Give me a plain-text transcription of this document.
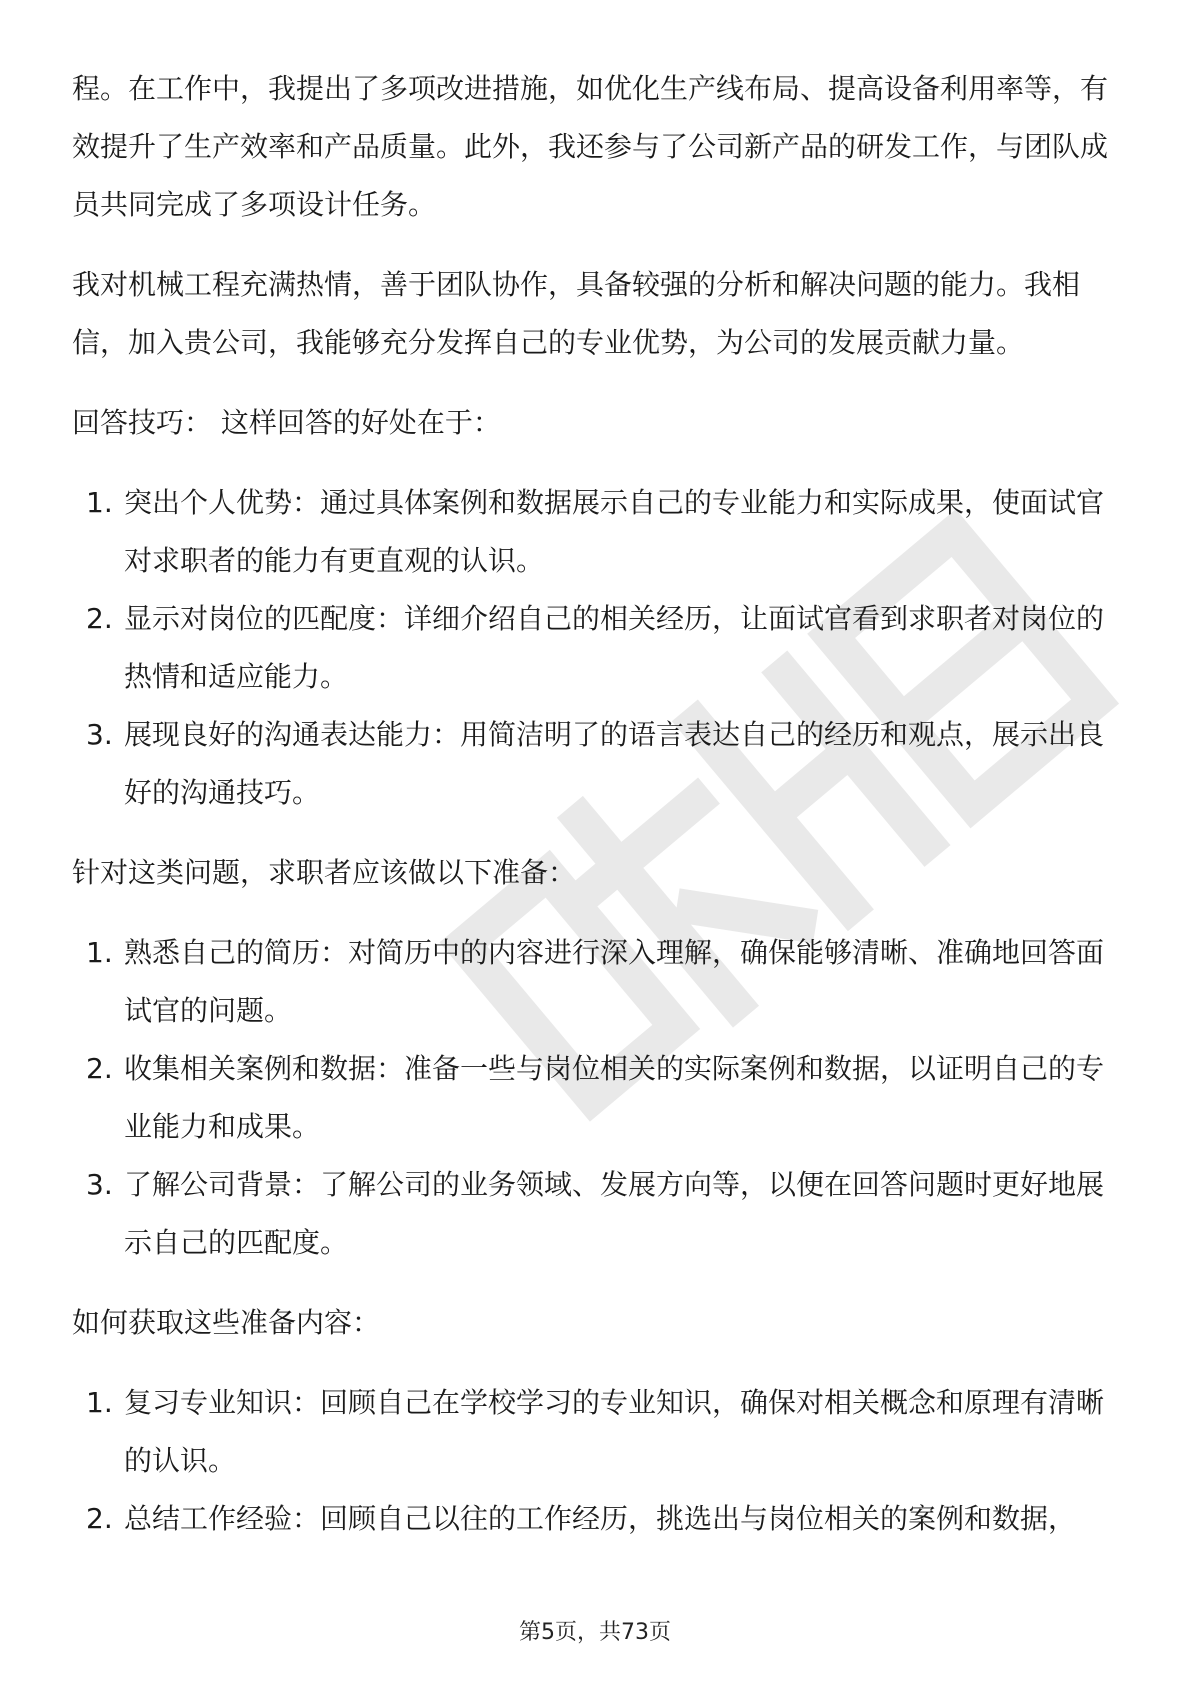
程。在工作中，我提出了多项改进措施，如优化生产线布局、提高设备利用率等，有效提升了生产效率和产品质量。此外，我还参与了公司新产品的研发工作，与团队成员共同完成了多项设计任务。

我对机械工程充满热情，善于团队协作，具备较强的分析和解决问题的能力。我相信，加入贵公司，我能够充分发挥自己的专业优势，为公司的发展贡献力量。

回答技巧： 这样回答的好处在于：

1. 突出个人优势：通过具体案例和数据展示自己的专业能力和实际成果，使面试官对求职者的能力有更直观的认识。
2. 显示对岗位的匹配度：详细介绍自己的相关经历，让面试官看到求职者对岗位的热情和适应能力。
3. 展现良好的沟通表达能力：用简洁明了的语言表达自己的经历和观点，展示出良好的沟通技巧。

针对这类问题，求职者应该做以下准备：

1. 熟悉自己的简历：对简历中的内容进行深入理解，确保能够清晰、准确地回答面试官的问题。
2. 收集相关案例和数据：准备一些与岗位相关的实际案例和数据，以证明自己的专业能力和成果。
3. 了解公司背景：了解公司的业务领域、发展方向等，以便在回答问题时更好地展示自己的匹配度。

如何获取这些准备内容：

1. 复习专业知识：回顾自己在学校学习的专业知识，确保对相关概念和原理有清晰的认识。
2. 总结工作经验：回顾自己以往的工作经历，挑选出与岗位相关的案例和数据，
第5页，共73页
